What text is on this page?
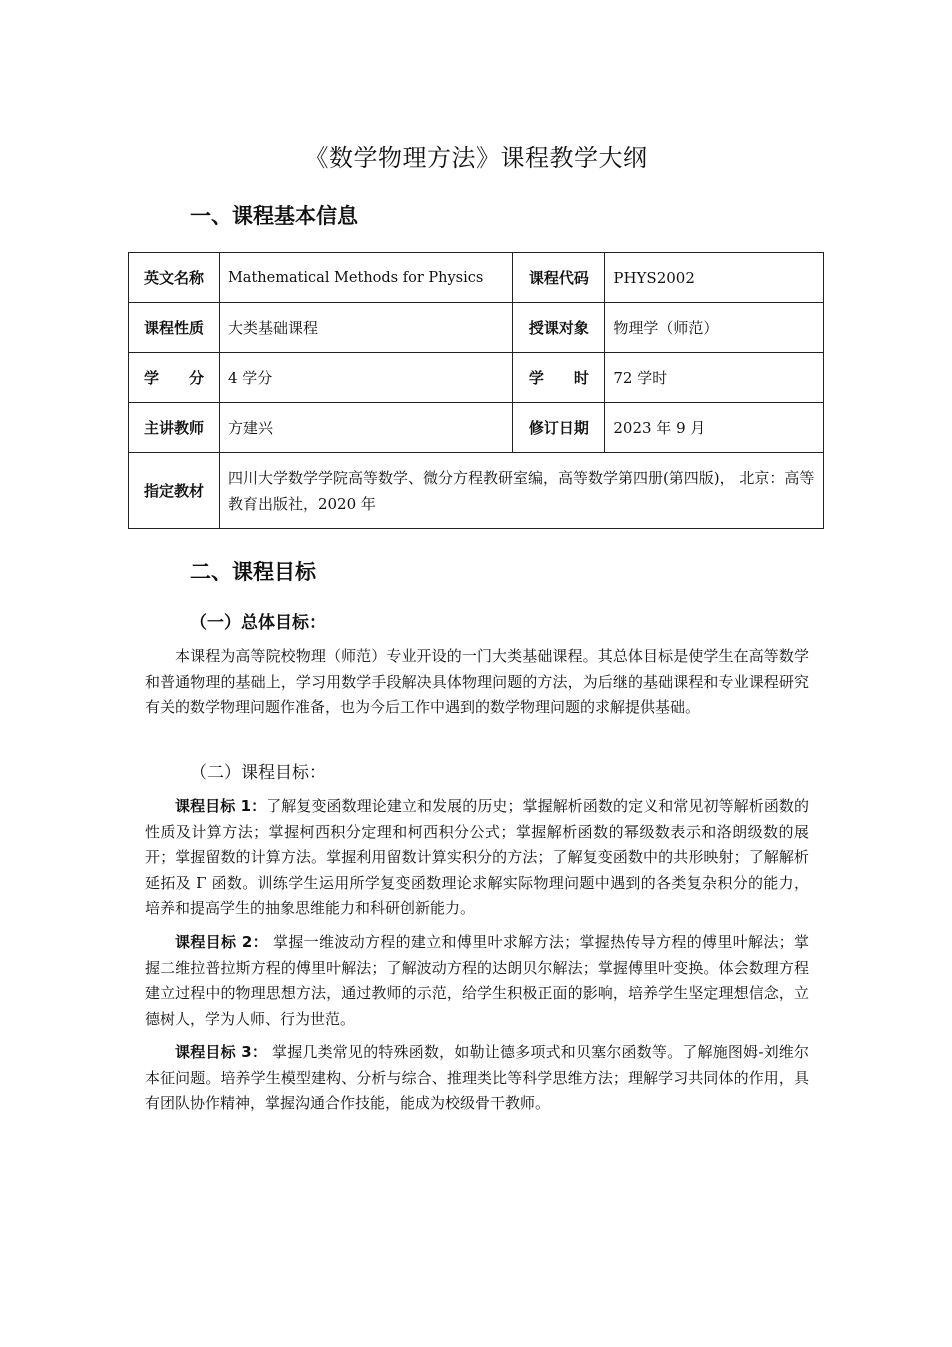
《数学物理方法》课程教学大纲
一、课程基本信息
英文名称	Mathematical Methods for Physics	课程代码	PHYS2002
课程性质	大类基础课程	授课对象	物理学（师范）
学　　分	4 学分	学　　时	72 学时
主讲教师	方建兴	修订日期	2023 年 9 月
指定教材	四川大学数学学院高等数学、微分方程教研室编，高等数学第四册(第四版)， 北京：高等教育出版社，2020 年		
二、课程目标
（一）总体目标：

本课程为高等院校物理（师范）专业开设的一门大类基础课程。其总体目标是使学生在高等数学和普通物理的基础上，学习用数学手段解决具体物理问题的方法，为后继的基础课程和专业课程研究有关的数学物理问题作准备，也为今后工作中遇到的数学物理问题的求解提供基础。

（二）课程目标：

课程目标 1：了解复变函数理论建立和发展的历史；掌握解析函数的定义和常见初等解析函数的性质及计算方法；掌握柯西积分定理和柯西积分公式；掌握解析函数的幂级数表示和洛朗级数的展开；掌握留数的计算方法。掌握利用留数计算实积分的方法；了解复变函数中的共形映射；了解解析延拓及 Γ 函数。训练学生运用所学复变函数理论求解实际物理问题中遇到的各类复杂积分的能力，培养和提高学生的抽象思维能力和科研创新能力。

课程目标 2： 掌握一维波动方程的建立和傅里叶求解方法；掌握热传导方程的傅里叶解法；掌握二维拉普拉斯方程的傅里叶解法；了解波动方程的达朗贝尔解法；掌握傅里叶变换。体会数理方程建立过程中的物理思想方法，通过教师的示范，给学生积极正面的影响，培养学生坚定理想信念，立德树人，学为人师、行为世范。

课程目标 3： 掌握几类常见的特殊函数，如勒让德多项式和贝塞尔函数等。了解施图姆-刘维尔本征问题。培养学生模型建构、分析与综合、推理类比等科学思维方法；理解学习共同体的作用，具有团队协作精神，掌握沟通合作技能，能成为校级骨干教师。
